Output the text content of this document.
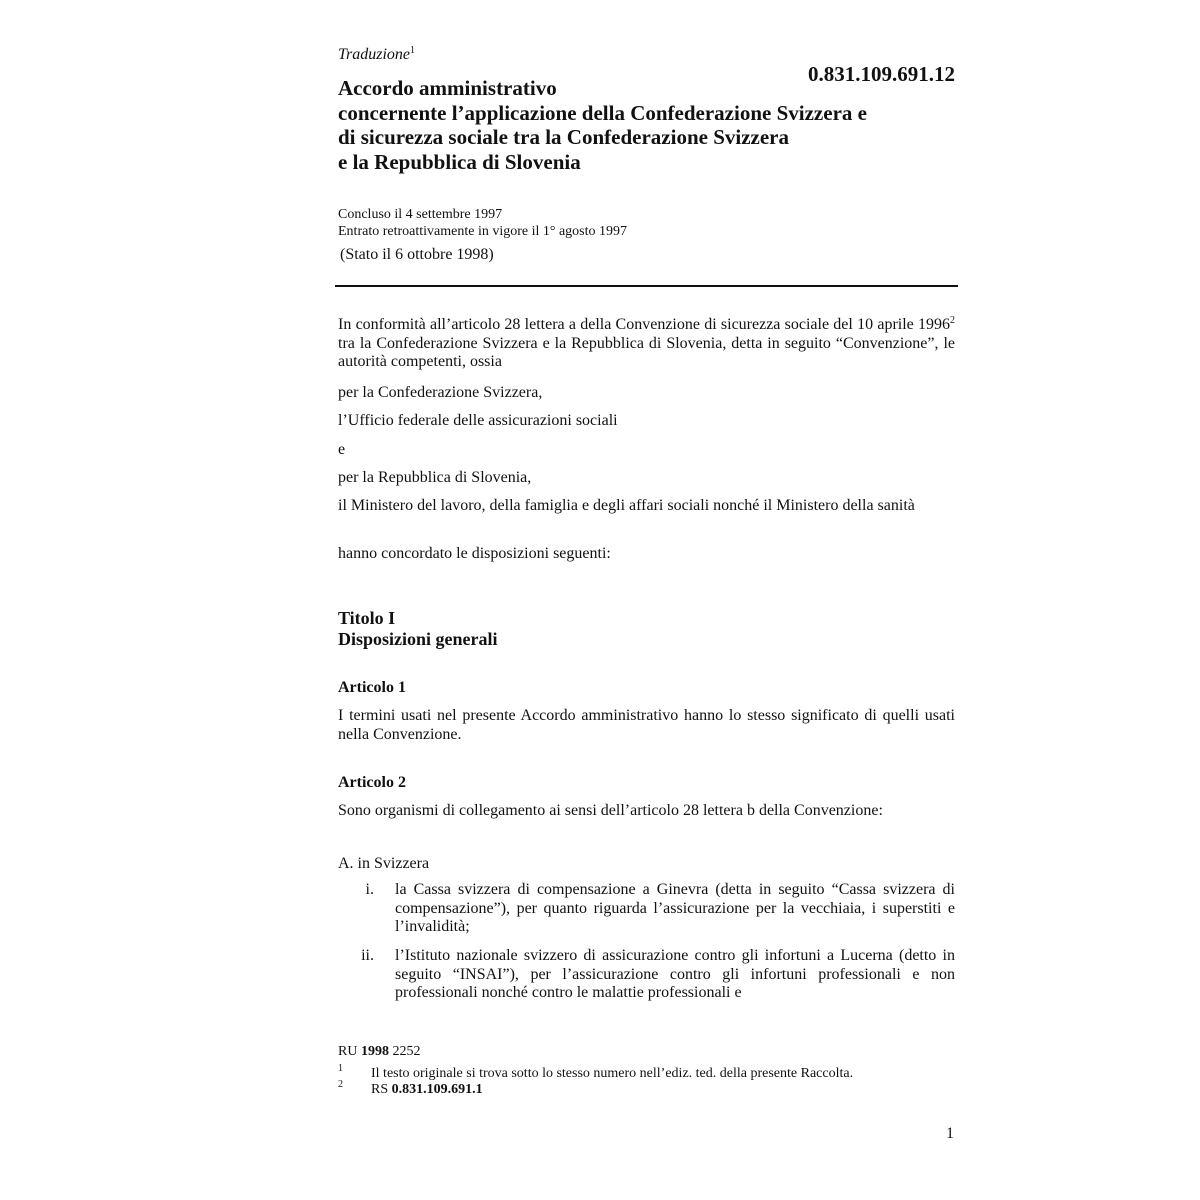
Traduzione$^1$
0.831.109.691.12
Accordo amministrativo
concernente l’applicazione della Confederazione Svizzera e
di sicurezza sociale tra la Confederazione Svizzera
e la Repubblica di Slovenia
Concluso il 4 settembre 1997
Entrato retroattivamente in vigore il 1° agosto 1997
(Stato il 6 ottobre 1998)
In conformità all’articolo 28 lettera a della Convenzione di sicurezza sociale del 10 aprile 1996$^2$ tra la Confederazione Svizzera e la Repubblica di Slovenia, detta in seguito “Convenzione”, le autorità competenti, ossia
per la Confederazione Svizzera,
l’Ufficio federale delle assicurazioni sociali
e
per la Repubblica di Slovenia,
il Ministero del lavoro, della famiglia e degli affari sociali nonché il Ministero della sanità
hanno concordato le disposizioni seguenti:
Titolo I
Disposizioni generali
Articolo 1
I termini usati nel presente Accordo amministrativo hanno lo stesso significato di quelli usati nella Convenzione.
Articolo 2
Sono organismi di collegamento ai sensi dell’articolo 28 lettera b della Convenzione:
A. in Svizzera
i. la Cassa svizzera di compensazione a Ginevra (detta in seguito “Cassa svizzera di compensazione”), per quanto riguarda l’assicurazione per la vecchiaia, i superstiti e l’invalidità;
ii. l’Istituto nazionale svizzero di assicurazione contro gli infortuni a Lucerna (detto in seguito “INSAI”), per l’assicurazione contro gli infortuni professionali e non professionali nonché contro le malattie professionali e
RU 1998 2252
1 Il testo originale si trova sotto lo stesso numero nell’ediz. ted. della presente Raccolta.
2 RS 0.831.109.691.1
1
